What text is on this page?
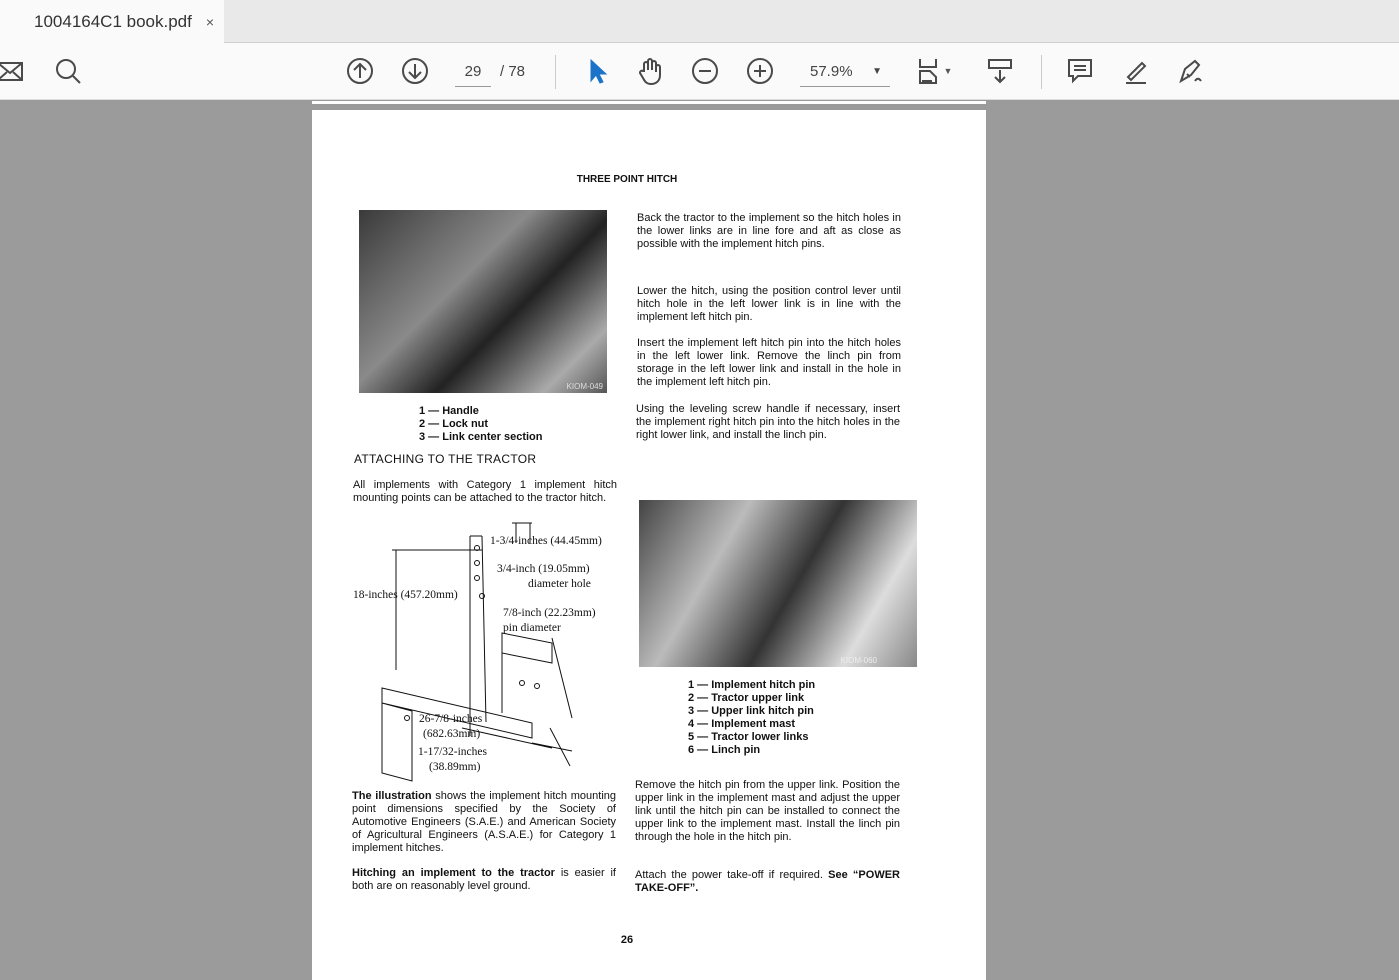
1004164C1 book.pdf ×
29	/ 78	57.9% ▼	▼
THREE POINT HITCH
KIOM-049
1 — Handle
2 — Lock nut
3 — Link center section
ATTACHING TO THE TRACTOR
All implements with Category 1 implement hitch mounting points can be attached to the tractor hitch.
1-3/4-inches (44.45mm)
3/4-inch (19.05mm)
diameter hole
18-inches (457.20mm)
7/8-inch (22.23mm)
pin diameter
26-7/8-inches
(682.63mm)
1-17/32-inches
(38.89mm)
The illustration shows the implement hitch mounting point dimensions specified by the Society of Automotive Engineers (S.A.E.) and American Society of Agricultural Engineers (A.S.A.E.) for Category 1 implement hitches.
Hitching an implement to the tractor is easier if both are on reasonably level ground.
Back the tractor to the implement so the hitch holes in the lower links are in line fore and aft as close as possible with the implement hitch pins.
Lower the hitch, using the position control lever until hitch hole in the left lower link is in line with the implement left hitch pin.
Insert the implement left hitch pin into the hitch holes in the left lower link. Remove the linch pin from storage in the left lower link and install in the hole in the implement left hitch pin.
Using the leveling screw handle if necessary, insert the implement right hitch pin into the hitch holes in the right lower link, and install the linch pin.
KIOM-060
1 — Implement hitch pin
2 — Tractor upper link
3 — Upper link hitch pin
4 — Implement mast
5 — Tractor lower links
6 — Linch pin
Remove the hitch pin from the upper link. Position the upper link in the implement mast and adjust the upper link until the hitch pin can be installed to connect the upper link to the implement mast. Install the linch pin through the hole in the hitch pin.
Attach the power take-off if required. See “POWER TAKE-OFF”.
26
